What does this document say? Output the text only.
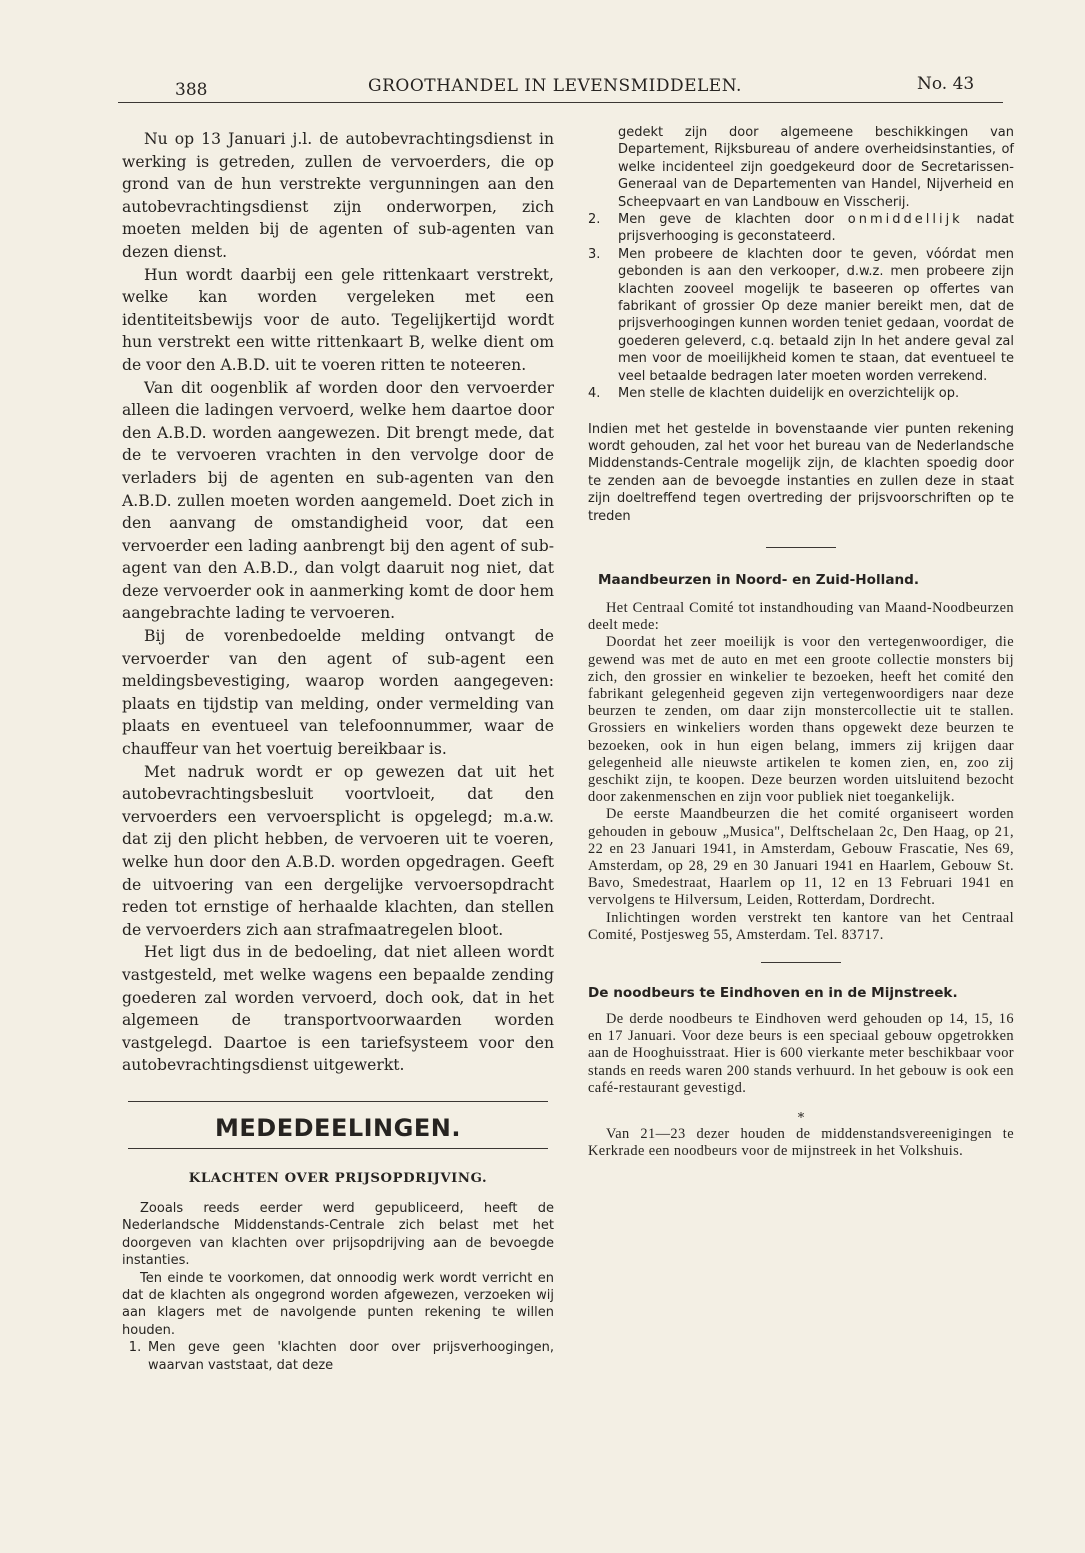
388	GROOTHANDEL IN LEVENSMIDDELEN.	No. 43

Nu op 13 Januari j.l. de autobevrachtingsdienst in werking is getreden, zullen de vervoerders, die op grond van de hun verstrekte vergunningen aan den autobevrachtingsdienst zijn onderworpen, zich moeten melden bij de agenten of sub-agenten van dezen dienst.

Hun wordt daarbij een gele rittenkaart verstrekt, welke kan worden vergeleken met een identiteitsbewijs voor de auto. Tegelijkertijd wordt hun verstrekt een witte rittenkaart B, welke dient om de voor den A.B.D. uit te voeren ritten te noteeren.

Van dit oogenblik af worden door den vervoerder alleen die ladingen vervoerd, welke hem daartoe door den A.B.D. worden aangewezen. Dit brengt mede, dat de te vervoeren vrachten in den vervolge door de verladers bij de agenten en sub-agenten van den A.B.D. zullen moeten worden aangemeld. Doet zich in den aanvang de omstandigheid voor, dat een vervoerder een lading aanbrengt bij den agent of sub-agent van den A.B.D., dan volgt daaruit nog niet, dat deze vervoerder ook in aanmerking komt de door hem aangebrachte lading te vervoeren.

Bij de vorenbedoelde melding ontvangt de vervoerder van den agent of sub-agent een meldingsbevestiging, waarop worden aangegeven: plaats en tijdstip van melding, onder vermelding van plaats en eventueel van telefoonnummer, waar de chauffeur van het voertuig bereikbaar is.

Met nadruk wordt er op gewezen dat uit het autobevrachtingsbesluit voortvloeit, dat den vervoerders een vervoersplicht is opgelegd; m.a.w. dat zij den plicht hebben, de vervoeren uit te voeren, welke hun door den A.B.D. worden opgedragen. Geeft de uitvoering van een dergelijke vervoersopdracht reden tot ernstige of herhaalde klachten, dan stellen de vervoerders zich aan strafmaatregelen bloot.

Het ligt dus in de bedoeling, dat niet alleen wordt vastgesteld, met welke wagens een bepaalde zending goederen zal worden vervoerd, doch ook, dat in het algemeen de transportvoorwaarden worden vastgelegd. Daartoe is een tariefsysteem voor den autobevrachtingsdienst uitgewerkt.

MEDEDEELINGEN.
KLACHTEN OVER PRIJSOPDRIJVING.

Zooals reeds eerder werd gepubliceerd, heeft de Nederlandsche Middenstands-Centrale zich belast met het doorgeven van klachten over prijsopdrijving aan de bevoegde instanties.

Ten einde te voorkomen, dat onnoodig werk wordt verricht en dat de klachten als ongegrond worden afgewezen, verzoeken wij aan klagers met de navolgende punten rekening te willen houden.

1. Men geve geen 'klachten door over prijsverhoogingen, waarvan vaststaat, dat deze
gedekt zijn door algemeene beschikkingen van Departement, Rijksbureau of andere overheidsinstanties, of welke incidenteel zijn goedgekeurd door de Secretarissen-Generaal van de Departementen van Handel, Nijverheid en Scheepvaart en van Landbouw en Visscherij.
2.	Men geve de klachten door onmiddellijk nadat prijsverhooging is geconstateerd.
3.	Men probeere de klachten door te geven, vóórdat men gebonden is aan den verkooper, d.w.z. men probeere zijn klachten zooveel mogelijk te baseeren op offertes van fabrikant of grossier Op deze manier bereikt men, dat de prijsverhoogingen kunnen worden teniet gedaan, voordat de goederen geleverd, c.q. betaald zijn In het andere geval zal men voor de moeilijkheid komen te staan, dat eventueel te veel betaalde bedragen later moeten worden verrekend.
4.	Men stelle de klachten duidelijk en overzichtelijk op.

Indien met het gestelde in bovenstaande vier punten rekening wordt gehouden, zal het voor het bureau van de Nederlandsche Middenstands-Centrale mogelijk zijn, de klachten spoedig door te zenden aan de bevoegde instanties en zullen deze in staat zijn doeltreffend tegen overtreding der prijsvoorschriften op te treden

Maandbeurzen in Noord- en Zuid-Holland.

Het Centraal Comité tot instandhouding van Maand-Noodbeurzen deelt mede:

Doordat het zeer moeilijk is voor den vertegenwoordiger, die gewend was met de auto en met een groote collectie monsters bij zich, den grossier en winkelier te bezoeken, heeft het comité den fabrikant gelegenheid gegeven zijn vertegenwoordigers naar deze beurzen te zenden, om daar zijn monstercollectie uit te stallen. Grossiers en winkeliers worden thans opgewekt deze beurzen te bezoeken, ook in hun eigen belang, immers zij krijgen daar gelegenheid alle nieuwste artikelen te komen zien, en, zoo zij geschikt zijn, te koopen. Deze beurzen worden uitsluitend bezocht door zakenmenschen en zijn voor publiek niet toegankelijk.

De eerste Maandbeurzen die het comité organiseert worden gehouden in gebouw „Musica", Delftschelaan 2c, Den Haag, op 21, 22 en 23 Januari 1941, in Amsterdam, Gebouw Frascatie, Nes 69, Amsterdam, op 28, 29 en 30 Januari 1941 en Haarlem, Gebouw St. Bavo, Smedestraat, Haarlem op 11, 12 en 13 Februari 1941 en vervolgens te Hilversum, Leiden, Rotterdam, Dordrecht.

Inlichtingen worden verstrekt ten kantore van het Centraal Comité, Postjesweg 55, Amsterdam. Tel. 83717.

De noodbeurs te Eindhoven en in de Mijnstreek.

De derde noodbeurs te Eindhoven werd gehouden op 14, 15, 16 en 17 Januari. Voor deze beurs is een speciaal gebouw opgetrokken aan de Hooghuisstraat. Hier is 600 vierkante meter beschikbaar voor stands en reeds waren 200 stands verhuurd. In het gebouw is ook een café-restaurant gevestigd.

*

Van 21—23 dezer houden de middenstandsvereenigingen te Kerkrade een noodbeurs voor de mijnstreek in het Volkshuis.
